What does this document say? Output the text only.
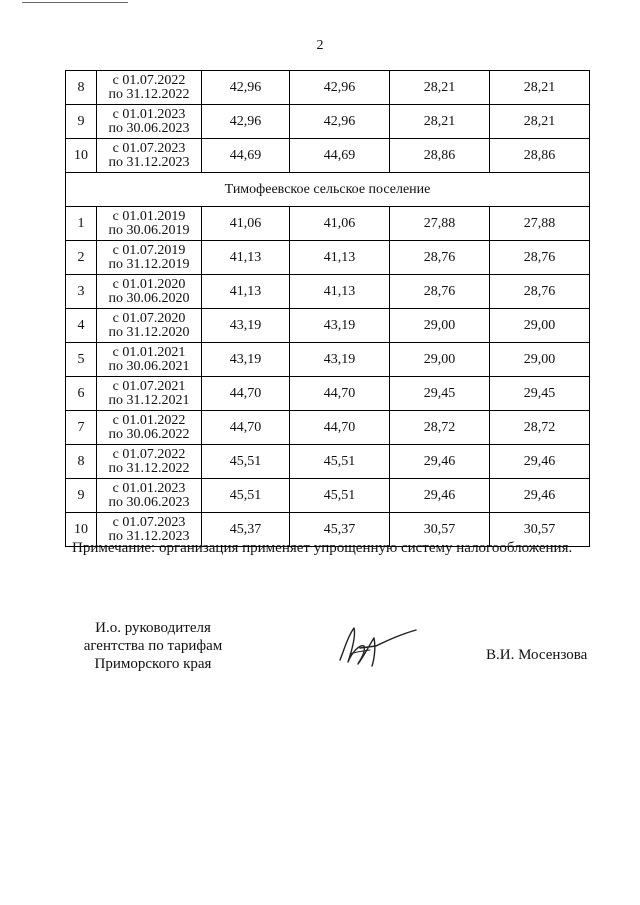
2
8	с 01.07.2022
по 31.12.2022	42,96	42,96	28,21	28,21
9	с 01.01.2023
по 30.06.2023	42,96	42,96	28,21	28,21
10	с 01.07.2023
по 31.12.2023	44,69	44,69	28,86	28,86
Тимофеевское сельское поселение					
1	с 01.01.2019
по 30.06.2019	41,06	41,06	27,88	27,88
2	с 01.07.2019
по 31.12.2019	41,13	41,13	28,76	28,76
3	с 01.01.2020
по 30.06.2020	41,13	41,13	28,76	28,76
4	с 01.07.2020
по 31.12.2020	43,19	43,19	29,00	29,00
5	с 01.01.2021
по 30.06.2021	43,19	43,19	29,00	29,00
6	с 01.07.2021
по 31.12.2021	44,70	44,70	29,45	29,45
7	с 01.01.2022
по 30.06.2022	44,70	44,70	28,72	28,72
8	с 01.07.2022
по 31.12.2022	45,51	45,51	29,46	29,46
9	с 01.01.2023
по 30.06.2023	45,51	45,51	29,46	29,46
10	с 01.07.2023
по 31.12.2023	45,37	45,37	30,57	30,57
Примечание: организация применяет упрощенную систему налогообложения.
И.о. руководителя
агентства по тарифам
Приморского края
В.И. Мосензова
